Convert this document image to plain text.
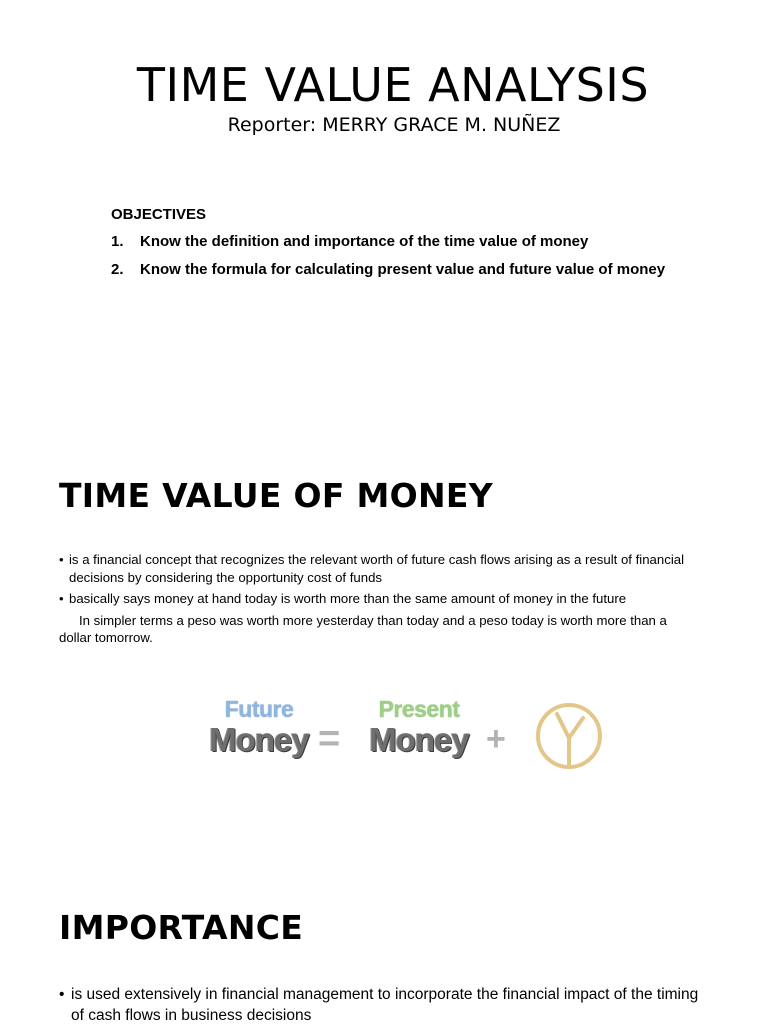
TIME VALUE ANALYSIS
Reporter: MERRY GRACE M. NUÑEZ
OBJECTIVES
1. Know the definition and importance of the time value of money
2. Know the formula for calculating present value and future value of money
TIME VALUE OF MONEY
• is a financial concept that recognizes the relevant worth of future cash flows arising as a result of financial decisions by considering the opportunity cost of funds
• basically says money at hand today is worth more than the same amount of money in the future
In simpler terms a peso was worth more yesterday than today and a peso today is worth more than a dollar tomorrow.
Future
Money =
Present
Money +
IMPORTANCE
• is used extensively in financial management to incorporate the financial impact of the timing of cash flows in business decisions
